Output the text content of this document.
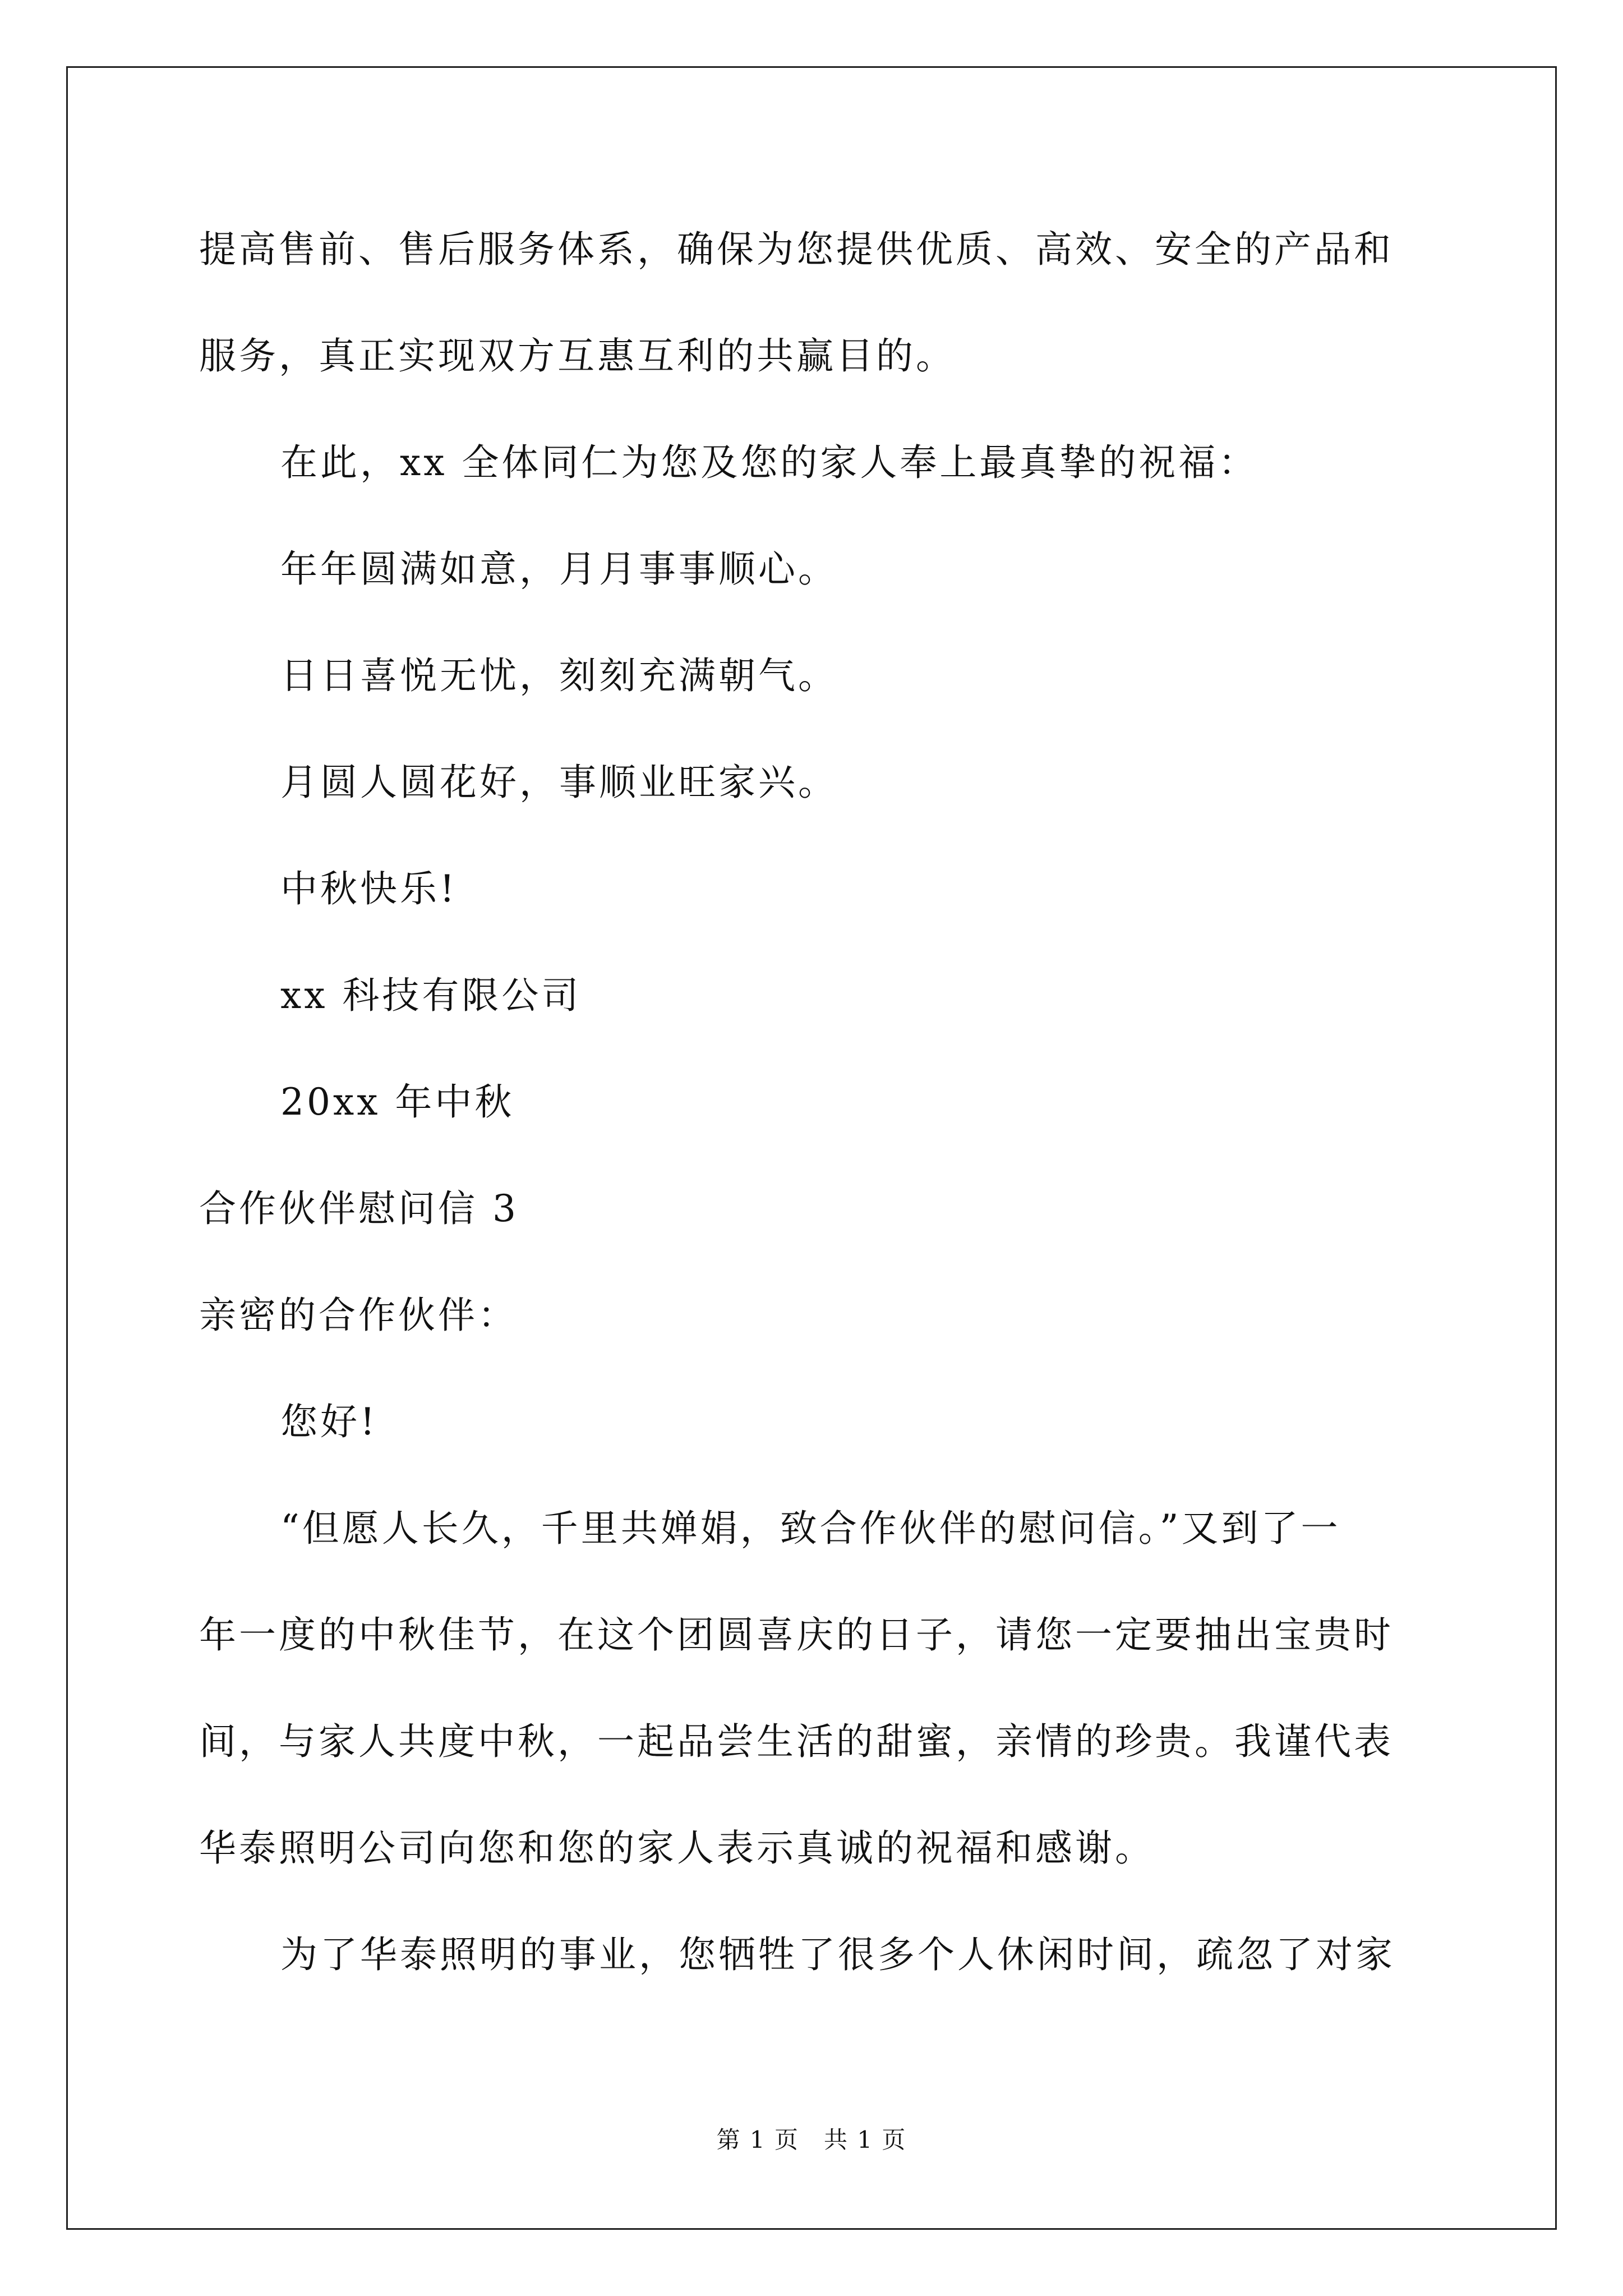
提高售前、售后服务体系，确保为您提供优质、高效、安全的产品和
服务，真正实现双方互惠互利的共赢目的。
在此，xx 全体同仁为您及您的家人奉上最真挚的祝福：
年年圆满如意，月月事事顺心。
日日喜悦无忧，刻刻充满朝气。
月圆人圆花好，事顺业旺家兴。
中秋快乐!
xx 科技有限公司
20xx 年中秋
合作伙伴慰问信 3
亲密的合作伙伴：
您好!
“但愿人长久，千里共婵娟，致合作伙伴的慰问信。”又到了一
年一度的中秋佳节，在这个团圆喜庆的日子，请您一定要抽出宝贵时
间，与家人共度中秋，一起品尝生活的甜蜜，亲情的珍贵。我谨代表
华泰照明公司向您和您的家人表示真诚的祝福和感谢。
为了华泰照明的事业，您牺牲了很多个人休闲时间，疏忽了对家
第 1 页　共 1 页
